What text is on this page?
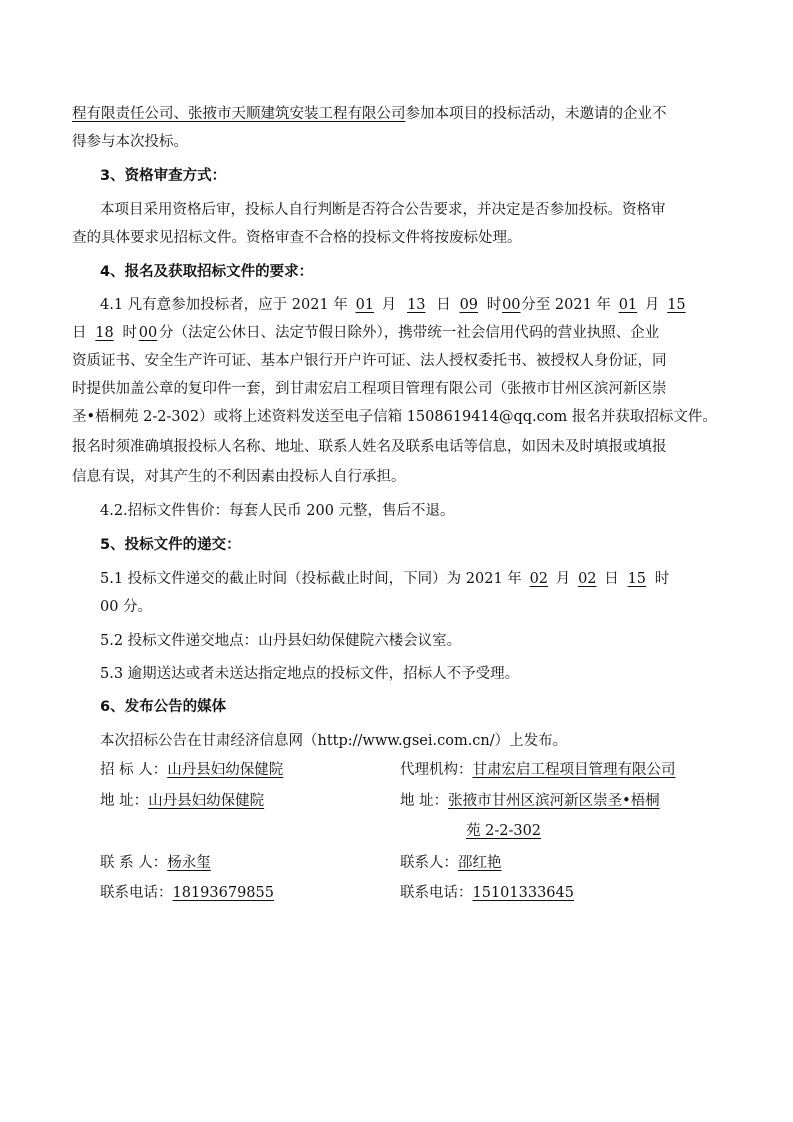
程有限责任公司、张掖市天顺建筑安装工程有限公司参加本项目的投标活动，未邀请的企业不
得参与本次投标。
3、资格审查方式：
本项目采用资格后审，投标人自行判断是否符合公告要求，并决定是否参加投标。资格审
查的具体要求见招标文件。资格审查不合格的投标文件将按废标处理。
4、报名及获取招标文件的要求：
4.1 凡有意参加投标者，应于 2021 年 01 月 13 日 09 时00分至 2021 年 01 月 15
日 18 时 00 分（法定公休日、法定节假日除外），携带统一社会信用代码的营业执照、企业
资质证书、安全生产许可证、基本户银行开户许可证、法人授权委托书、被授权人身份证，同
时提供加盖公章的复印件一套，到甘肃宏启工程项目管理有限公司（张掖市甘州区滨河新区崇
圣•梧桐苑 2-2-302）或将上述资料发送至电子信箱 1508619414@qq.com 报名并获取招标文件。
报名时须准确填报投标人名称、地址、联系人姓名及联系电话等信息，如因未及时填报或填报
信息有误，对其产生的不利因素由投标人自行承担。
4.2.招标文件售价：每套人民币 200 元整，售后不退。
5、投标文件的递交：
5.1 投标文件递交的截止时间（投标截止时间，下同）为 2021 年 02 月 02 日 15 时
00 分。
5.2 投标文件递交地点：山丹县妇幼保健院六楼会议室。
5.3 逾期送达或者未送达指定地点的投标文件，招标人不予受理。
6、发布公告的媒体
本次招标公告在甘肃经济信息网（http://www.gsei.com.cn/）上发布。
招 标 人：山丹县妇幼保健院	代理机构：甘肃宏启工程项目管理有限公司
地 址：山丹县妇幼保健院	地 址：张掖市甘州区滨河新区崇圣•梧桐
苑 2-2-302
联 系 人：杨永玺	联系人：邵红艳
联系电话：18193679855	联系电话：15101333645
